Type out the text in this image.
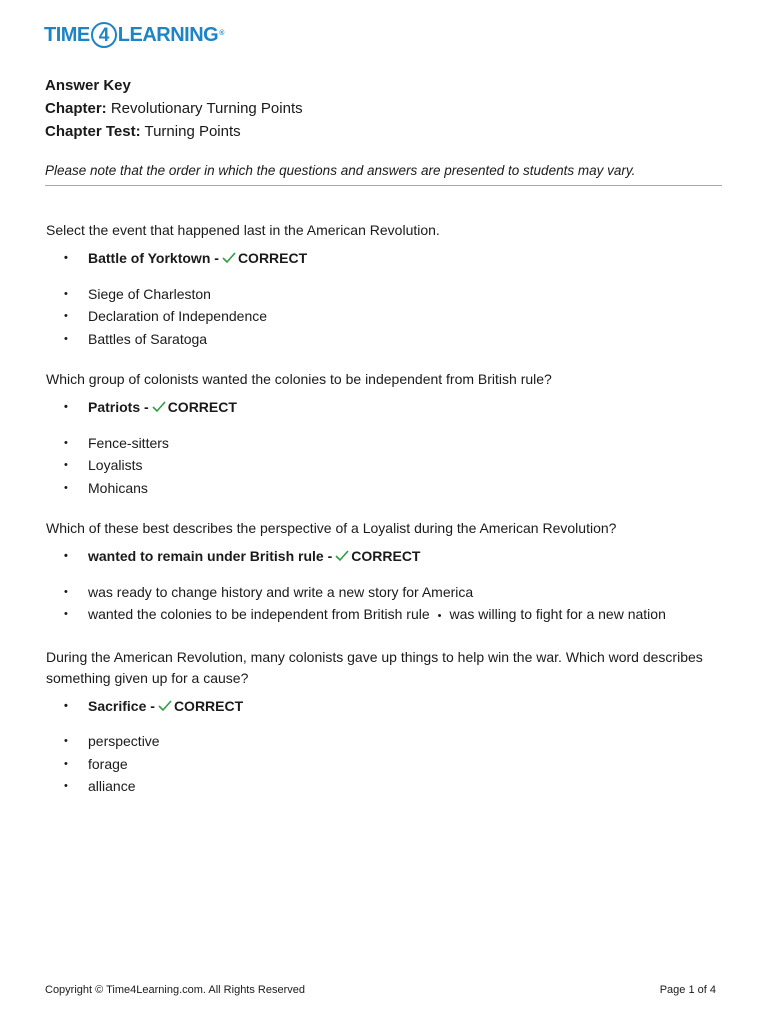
TIME 4 LEARNING ®
Answer Key
Chapter: Revolutionary Turning Points
Chapter Test: Turning Points
Please note that the order in which the questions and answers are presented to students may vary.

Select the event that happened last in the American Revolution.

• Battle of Yorktown - CORRECT
• Siege of Charleston
• Declaration of Independence
• Battles of Saratoga

Which group of colonists wanted the colonies to be independent from British rule?

• Patriots - CORRECT
• Fence-sitters
• Loyalists
• Mohicans

Which of these best describes the perspective of a Loyalist during the American Revolution?

• wanted to remain under British rule - CORRECT
• was ready to change history and write a new story for America
• wanted the colonies to be independent from British rule • was willing to fight for a new nation

During the American Revolution, many colonists gave up things to help win the war. Which word describes something given up for a cause?

• Sacrifice - CORRECT
• perspective
• forage
• alliance
Copyright © Time4Learning.com. All Rights Reserved	Page 1 of 4
